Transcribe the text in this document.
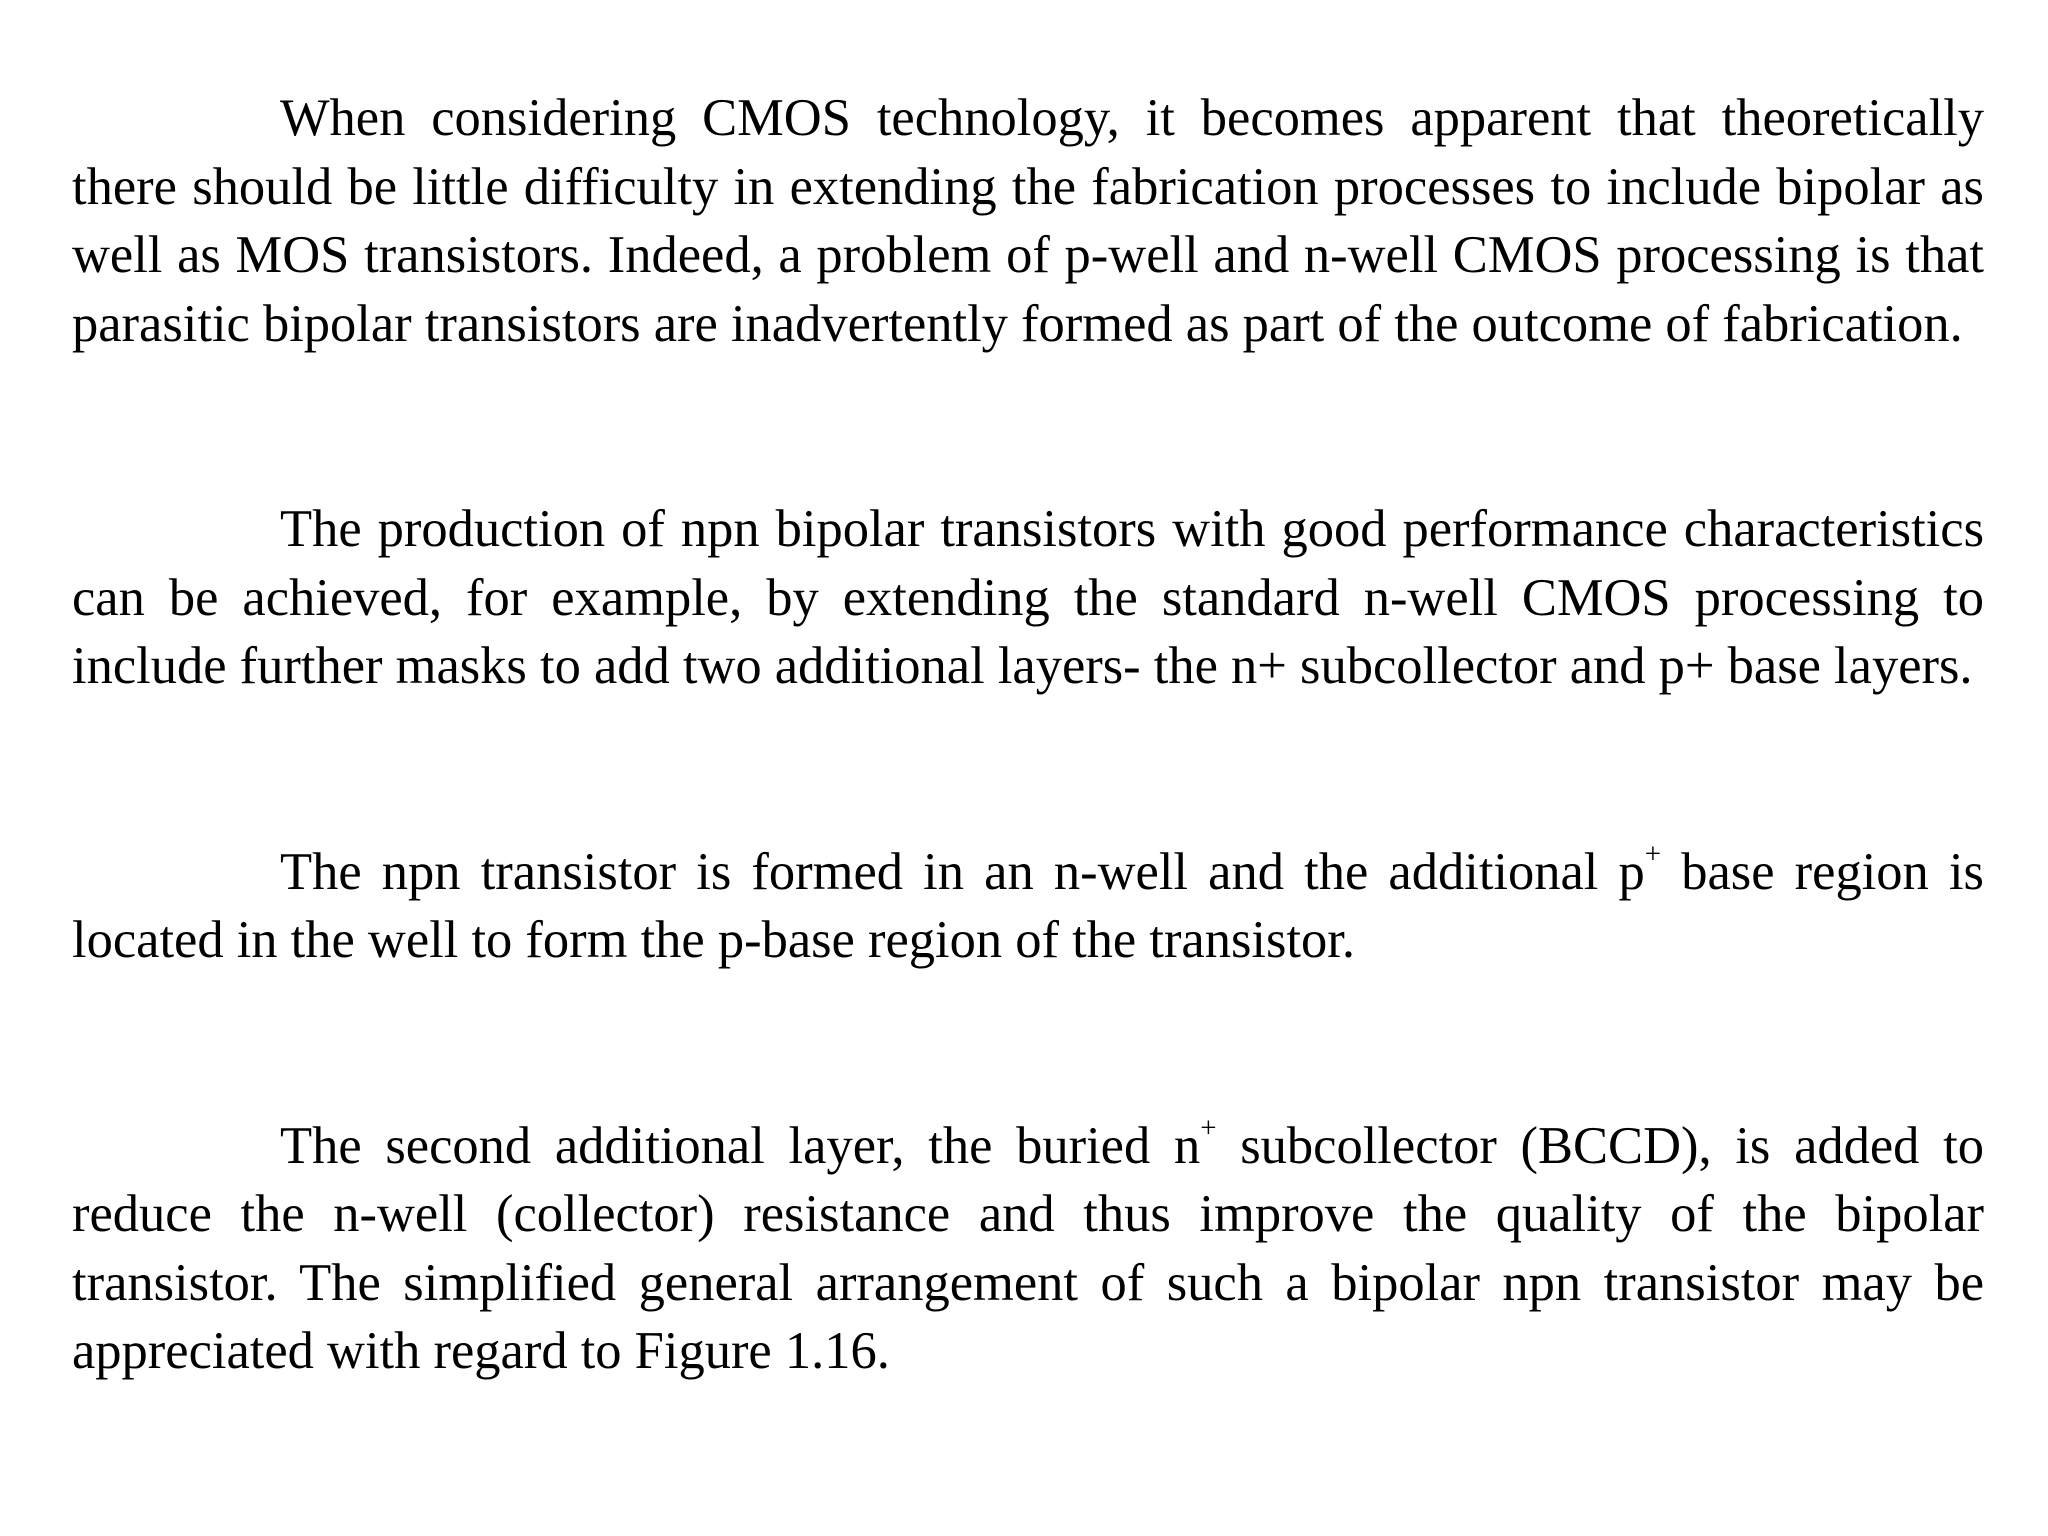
When considering CMOS technology, it becomes apparent that theoretically there should be little difficulty in extending the fabrication processes to include bipolar as well as MOS transistors. Indeed, a problem of p-well and n-well CMOS processing is that parasitic bipolar transistors are inadvertently formed as part of the outcome of fabrication.

The production of npn bipolar transistors with good performance characteristics can be achieved, for example, by extending the standard n-well CMOS processing to include further masks to add two additional layers- the n+ subcollector and p+ base layers.

The npn transistor is formed in an n-well and the additional p+ base region is located in the well to form the p-base region of the transistor.

The second additional layer, the buried n+ subcollector (BCCD), is added to reduce the n-well (collector) resistance and thus improve the quality of the bipolar transistor. The simplified general arrangement of such a bipolar npn transistor may be appreciated with regard to Figure 1.16.
